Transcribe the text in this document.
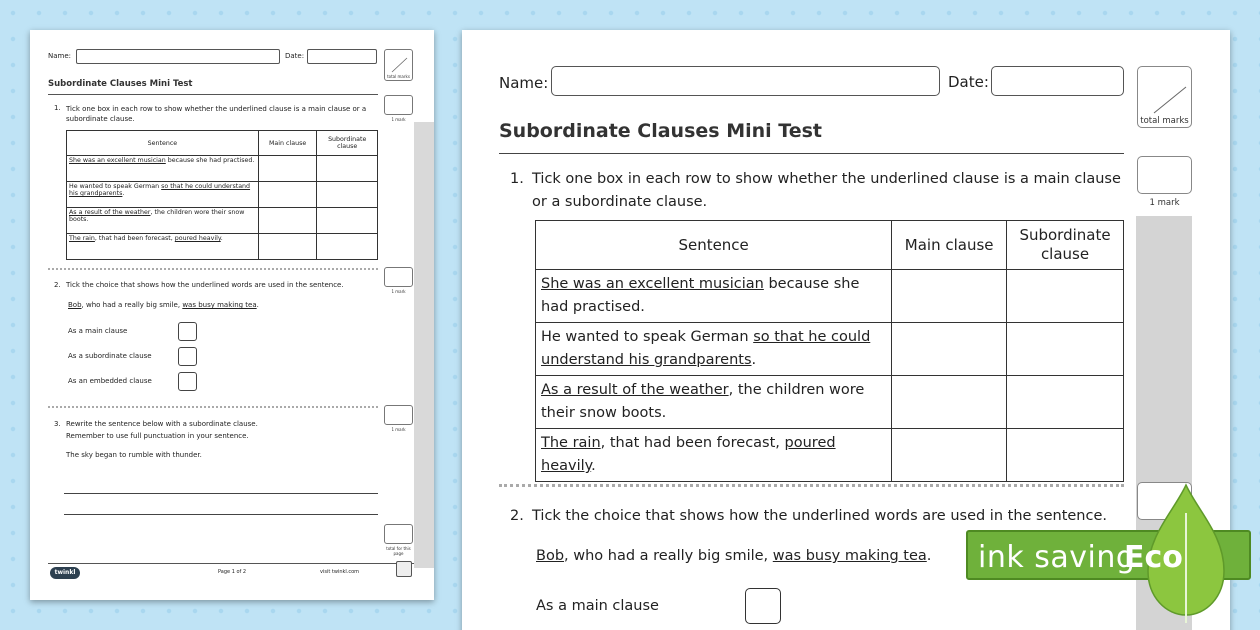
Name:	Date:
total marks
Subordinate Clauses Mini Test
1 mark
1. Tick one box in each row to show whether the underlined clause is a main clause or a subordinate clause.
Sentence	Main clause	Subordinate clause
She was an excellent musician because she had practised.		
He wanted to speak German so that he could understand his grandparents.		
As a result of the weather, the children wore their snow boots.		
The rain, that had been forecast, poured heavily.		
1 mark
2. Tick the choice that shows how the underlined words are used in the sentence.
Bob, who had a really big smile, was busy making tea.
As a main clause
As a subordinate clause
As an embedded clause
1 mark
3. Rewrite the sentence below with a subordinate clause.
Remember to use full punctuation in your sentence.
The sky began to rumble with thunder.
total for this page
twinkl	Page 1 of 2	visit twinkl.com
Name:	Date:
total marks
Subordinate Clauses Mini Test
1 mark
1. Tick one box in each row to show whether the underlined clause is a main clause or a subordinate clause.
Sentence	Main clause	Subordinate clause
She was an excellent musician because she had practised.		
He wanted to speak German so that he could understand his grandparents.		
As a result of the weather, the children wore their snow boots.		
The rain, that had been forecast, poured heavily.		
2. Tick the choice that shows how the underlined words are used in the sentence.
Bob, who had a really big smile, was busy making tea.
As a main clause
ink saving
Eco
